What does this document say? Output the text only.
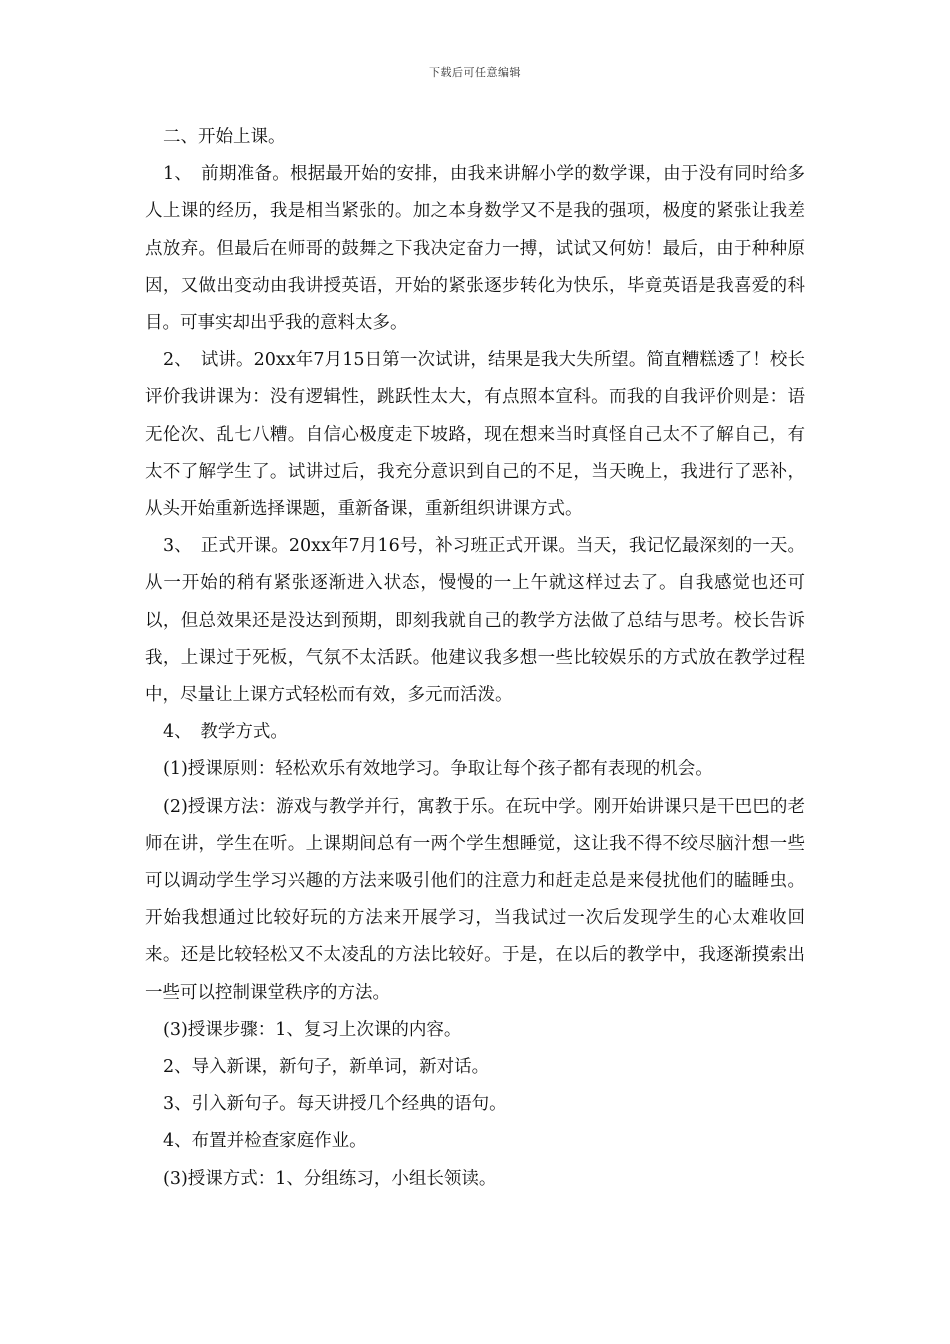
下载后可任意编辑

二、开始上课。

1、　前期准备。根据最开始的安排，由我来讲解小学的数学课，由于没有同时给多人上课的经历，我是相当紧张的。加之本身数学又不是我的强项，极度的紧张让我差点放弃。但最后在师哥的鼓舞之下我决定奋力一搏，试试又何妨！最后，由于种种原因，又做出变动由我讲授英语，开始的紧张逐步转化为快乐，毕竟英语是我喜爱的科目。可事实却出乎我的意料太多。

2、　试讲。20xx年7月15日第一次试讲，结果是我大失所望。简直糟糕透了！校长评价我讲课为：没有逻辑性，跳跃性太大，有点照本宣科。而我的自我评价则是：语无伦次、乱七八糟。自信心极度走下坡路，现在想来当时真怪自己太不了解自己，有太不了解学生了。试讲过后，我充分意识到自己的不足，当天晚上，我进行了恶补，从头开始重新选择课题，重新备课，重新组织讲课方式。

3、　正式开课。20xx年7月16号，补习班正式开课。当天，我记忆最深刻的一天。从一开始的稍有紧张逐渐进入状态，慢慢的一上午就这样过去了。自我感觉也还可以，但总效果还是没达到预期，即刻我就自己的教学方法做了总结与思考。校长告诉我，上课过于死板，气氛不太活跃。他建议我多想一些比较娱乐的方式放在教学过程中，尽量让上课方式轻松而有效，多元而活泼。

4、　教学方式。

(1)授课原则：轻松欢乐有效地学习。争取让每个孩子都有表现的机会。

(2)授课方法：游戏与教学并行，寓教于乐。在玩中学。刚开始讲课只是干巴巴的老师在讲，学生在听。上课期间总有一两个学生想睡觉，这让我不得不绞尽脑汁想一些可以调动学生学习兴趣的方法来吸引他们的注意力和赶走总是来侵扰他们的瞌睡虫。开始我想通过比较好玩的方法来开展学习，当我试过一次后发现学生的心太难收回来。还是比较轻松又不太凌乱的方法比较好。于是，在以后的教学中，我逐渐摸索出一些可以控制课堂秩序的方法。

(3)授课步骤：1、复习上次课的内容。

2、导入新课，新句子，新单词，新对话。

3、引入新句子。每天讲授几个经典的语句。

4、布置并检查家庭作业。

(3)授课方式：1、分组练习，小组长领读。
